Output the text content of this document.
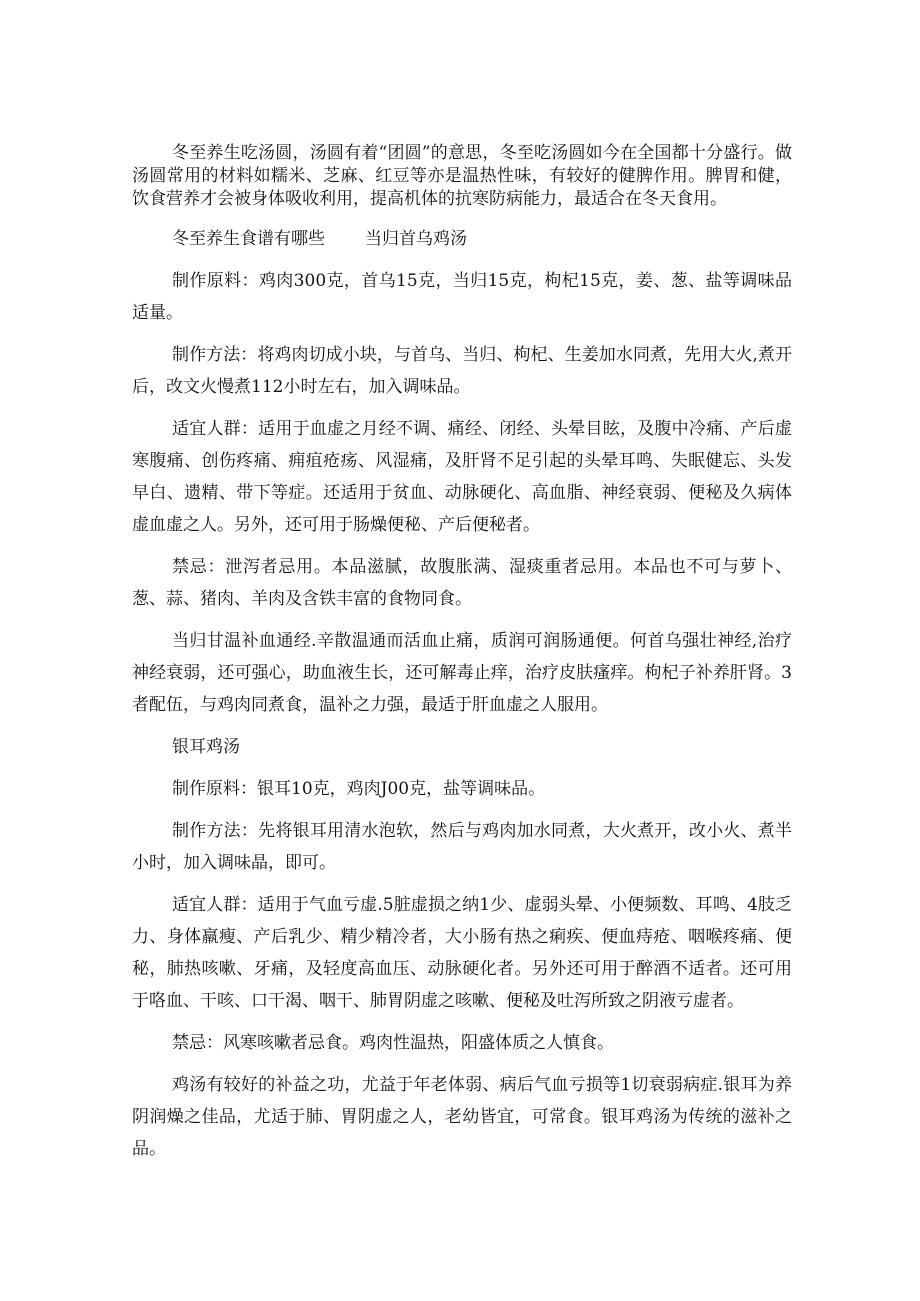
冬至养生吃汤圆，汤圆有着“团圆”的意思，冬至吃汤圆如今在全国都十分盛行。做汤圆常用的材料如糯米、芝麻、红豆等亦是温热性味，有较好的健脾作用。脾胃和健，饮食营养才会被身体吸收利用，提高机体的抗寒防病能力，最适合在冬天食用。

冬至养生食谱有哪些 当归首乌鸡汤

制作原料：鸡肉300克，首乌15克，当归15克，枸杞15克，姜、葱、盐等调味品适量。

制作方法：将鸡肉切成小块，与首乌、当归、枸杞、生姜加水同煮，先用大火,煮开后，改文火慢煮112小时左右，加入调味品。

适宜人群：适用于血虚之月经不调、痛经、闭经、头晕目眩，及腹中冷痛、产后虚寒腹痛、创伤疼痛、痈疽疮疡、风湿痛，及肝肾不足引起的头晕耳鸣、失眠健忘、头发早白、遗精、带下等症。还适用于贫血、动脉硬化、高血脂、神经衰弱、便秘及久病体虚血虚之人。另外，还可用于肠燥便秘、产后便秘者。

禁忌：泄泻者忌用。本品滋腻，故腹胀满、湿痰重者忌用。本品也不可与萝卜、葱、蒜、猪肉、羊肉及含铁丰富的食物同食。

当归甘温补血通经.辛散温通而活血止痛，质润可润肠通便。何首乌强壮神经,治疗神经衰弱，还可强心，助血液生长，还可解毒止痒，治疗皮肤瘙痒。枸杞子补养肝肾。3者配伍，与鸡肉同煮食，温补之力强，最适于肝血虚之人服用。

银耳鸡汤

制作原料：银耳10克，鸡肉J00克，盐等调味品。

制作方法：先将银耳用清水泡软，然后与鸡肉加水同煮，大火煮开，改小火、煮半小时，加入调味晶，即可。

适宜人群：适用于气血亏虚.5脏虚损之纳1少、虚弱头晕、小便频数、耳鸣、4肢乏力、身体羸瘦、产后乳少、精少精冷者，大小肠有热之痢疾、便血痔疮、咽喉疼痛、便秘，肺热咳嗽、牙痛，及轻度高血压、动脉硬化者。另外还可用于醉酒不适者。还可用于咯血、干咳、口干渴、咽干、肺胃阴虚之咳嗽、便秘及吐泻所致之阴液亏虚者。

禁忌：风寒咳嗽者忌食。鸡肉性温热，阳盛体质之人慎食。

鸡汤有较好的补益之功，尤益于年老体弱、病后气血亏损等1切衰弱病症.银耳为养阴润燥之佳品，尤适于肺、胃阴虚之人，老幼皆宜，可常食。银耳鸡汤为传统的滋补之品。
